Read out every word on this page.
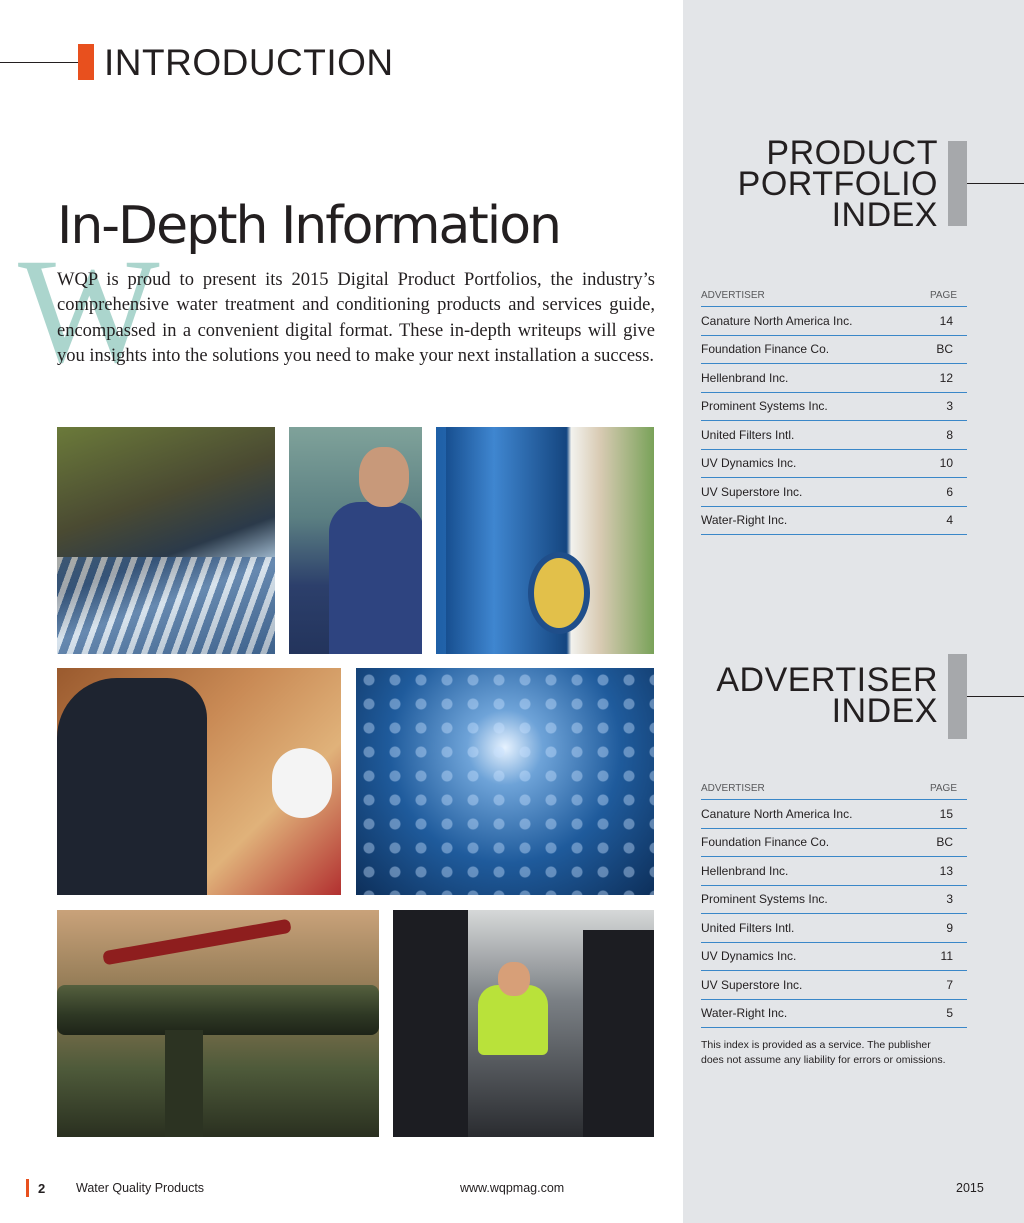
INTRODUCTION
W
In-Depth Information
WQP is proud to present its 2015 Digital Product Portfolios, the industry’s comprehensive water treatment and conditioning products and services guide, encompassed in a convenient digital format. These in-depth writeups will give you insights into the solutions you need to make your next installation a success.
PRODUCT
PORTFOLIO
INDEX
ADVERTISER	PAGE
Canature North America Inc.	14
Foundation Finance Co.	BC
Hellenbrand Inc.	12
Prominent Systems Inc.	3
United Filters Intl.	8
UV Dynamics Inc.	10
UV Superstore Inc.	6
Water-Right Inc.	4
ADVERTISER
INDEX
ADVERTISER	PAGE
Canature North America Inc.	15
Foundation Finance Co.	BC
Hellenbrand Inc.	13
Prominent Systems Inc.	3
United Filters Intl.	9
UV Dynamics Inc.	11
UV Superstore Inc.	7
Water-Right Inc.	5
This index is provided as a service. The publisher does not assume any liability for errors or omissions.
2 Water Quality Products	www.wqpmag.com	2015
